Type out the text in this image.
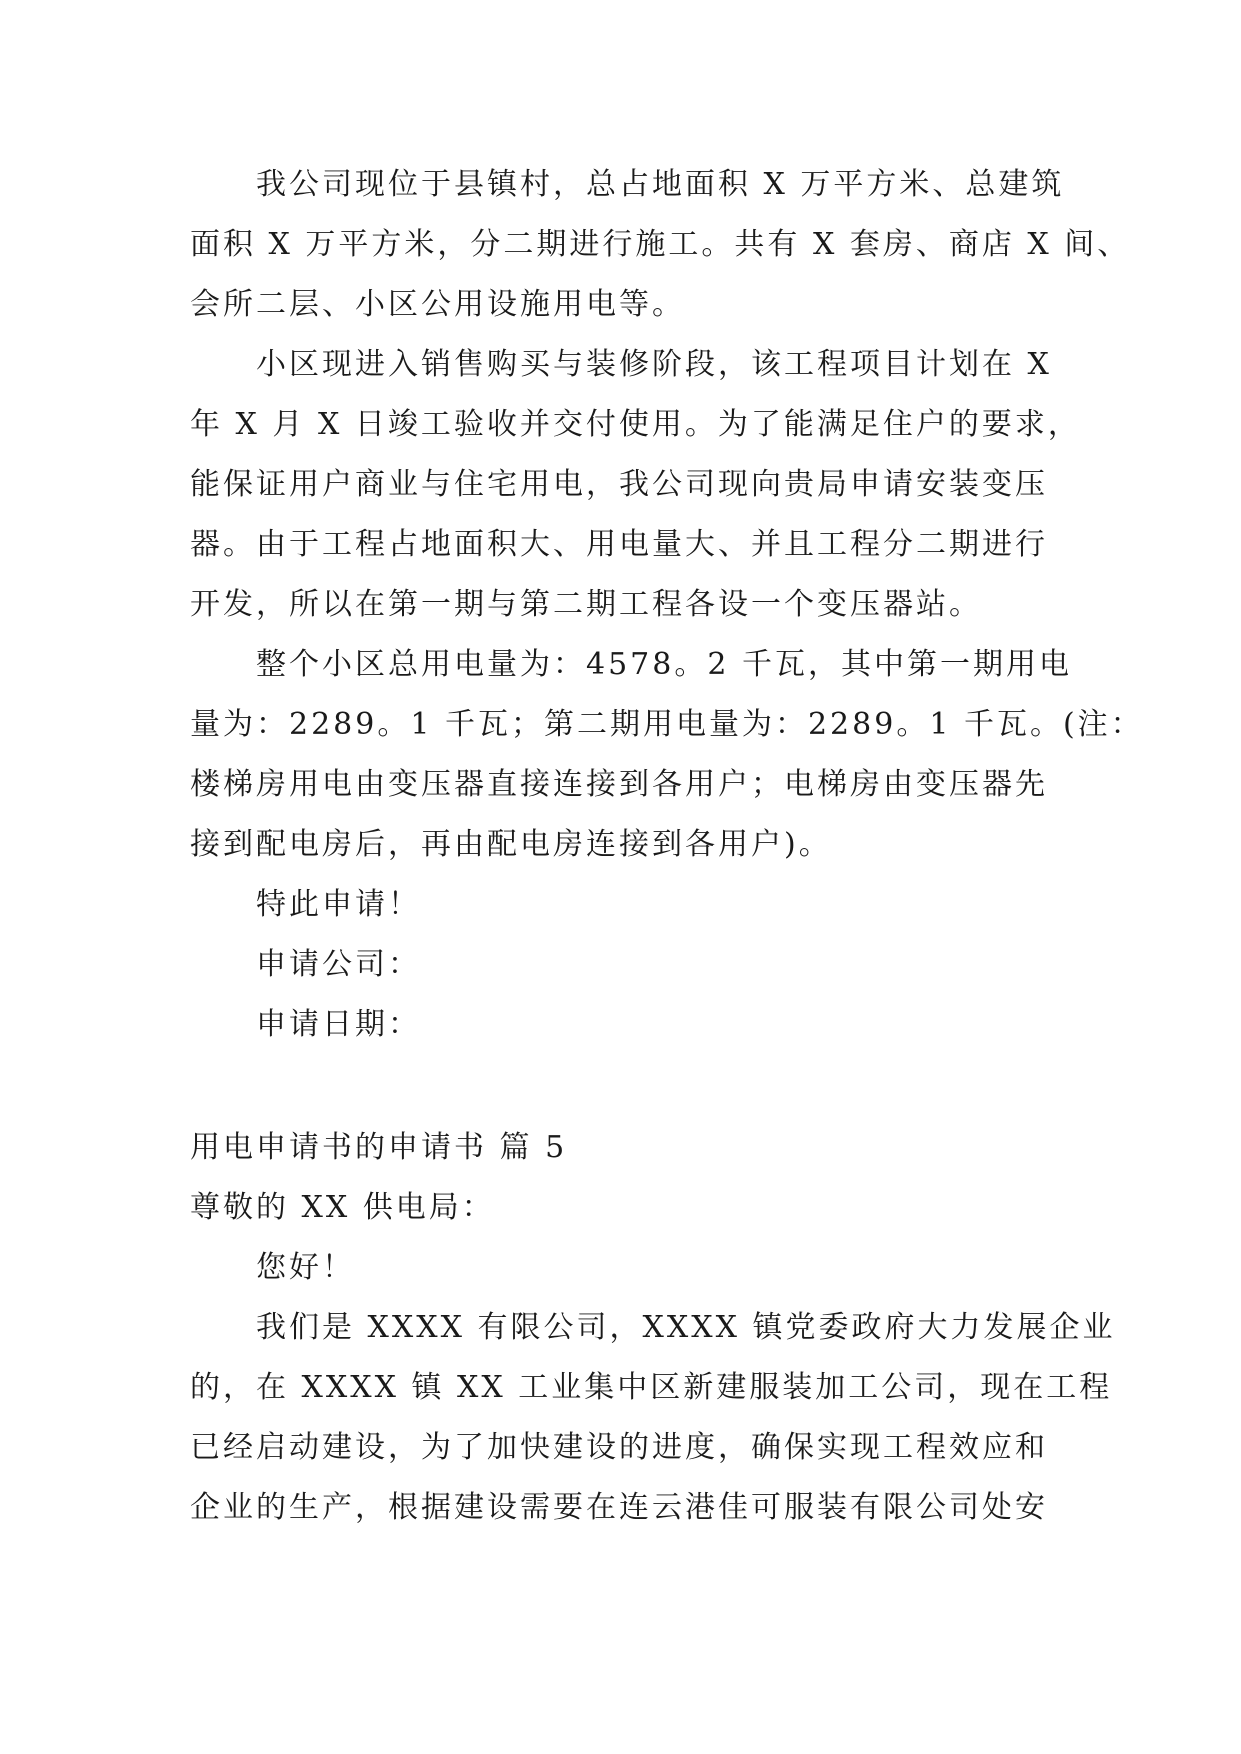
我公司现位于县镇村，总占地面积 X 万平方米、总建筑
面积 X 万平方米，分二期进行施工。共有 X 套房、商店 X 间、
会所二层、小区公用设施用电等。
小区现进入销售购买与装修阶段，该工程项目计划在 X
年 X 月 X 日竣工验收并交付使用。为了能满足住户的要求，
能保证用户商业与住宅用电，我公司现向贵局申请安装变压
器。由于工程占地面积大、用电量大、并且工程分二期进行
开发，所以在第一期与第二期工程各设一个变压器站。
整个小区总用电量为：4578。2 千瓦，其中第一期用电
量为：2289。1 千瓦；第二期用电量为：2289。1 千瓦。(注：
楼梯房用电由变压器直接连接到各用户；电梯房由变压器先
接到配电房后，再由配电房连接到各用户)。
特此申请！
申请公司：
申请日期：
用电申请书的申请书 篇 5
尊敬的 XX 供电局：
您好！
我们是 XXXX 有限公司，XXXX 镇党委政府大力发展企业
的，在 XXXX 镇 XX 工业集中区新建服装加工公司，现在工程
已经启动建设，为了加快建设的进度，确保实现工程效应和
企业的生产，根据建设需要在连云港佳可服装有限公司处安
